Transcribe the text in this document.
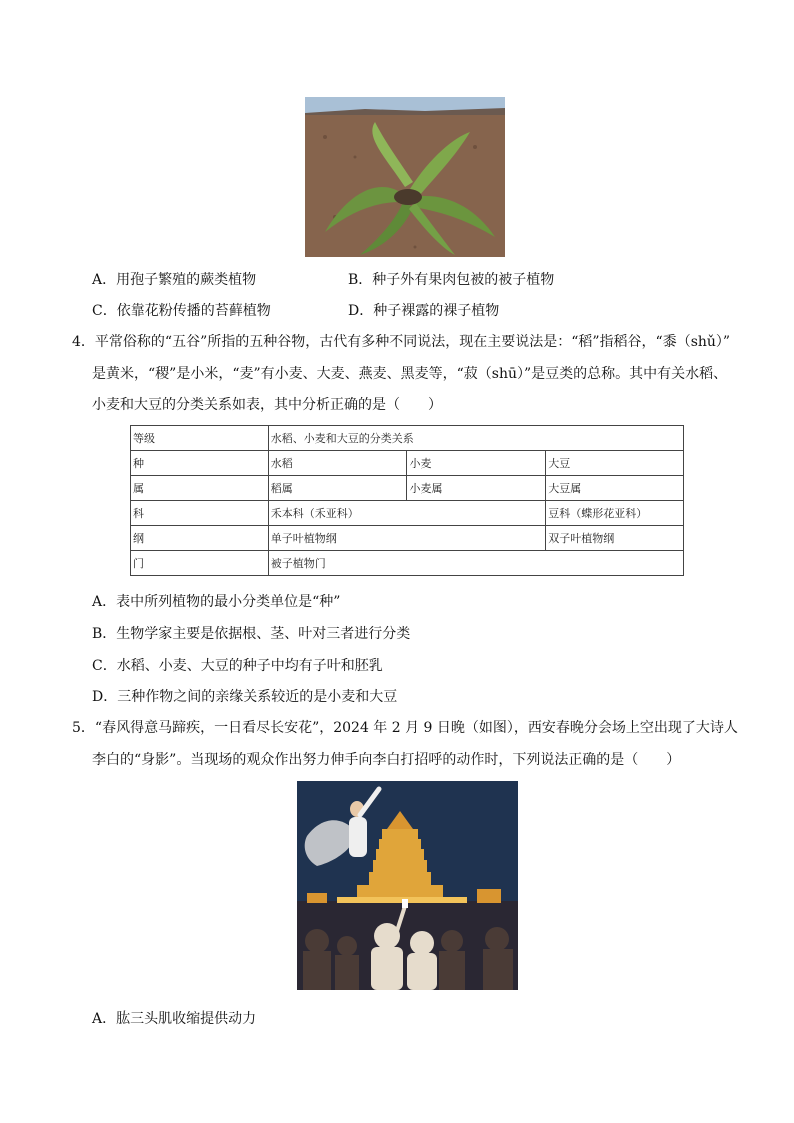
A．用孢子繁殖的蕨类植物	B．种子外有果肉包被的被子植物
C．依靠花粉传播的苔藓植物	D．种子裸露的裸子植物
4．平常俗称的“五谷”所指的五种谷物，古代有多种不同说法，现在主要说法是：“稻”指稻谷，“黍（shǔ）”
是黄米，“稷”是小米，“麦”有小麦、大麦、燕麦、黑麦等，“菽（shū）”是豆类的总称。其中有关水稻、
小麦和大豆的分类关系如表，其中分析正确的是（　　）
等级	水稻、小麦和大豆的分类关系		
种	水稻	小麦	大豆
属	稻属	小麦属	大豆属
科	禾本科（禾亚科）		豆科（蝶形花亚科）
纲	单子叶植物纲		双子叶植物纲
门	被子植物门		
A．表中所列植物的最小分类单位是“种”
B．生物学家主要是依据根、茎、叶对三者进行分类
C．水稻、小麦、大豆的种子中均有子叶和胚乳
D．三种作物之间的亲缘关系较近的是小麦和大豆
5．“春风得意马蹄疾，一日看尽长安花”，2024 年 2 月 9 日晚（如图），西安春晚分会场上空出现了大诗人
李白的“身影”。当现场的观众作出努力伸手向李白打招呼的动作时，下列说法正确的是（　　）
A．肱三头肌收缩提供动力
